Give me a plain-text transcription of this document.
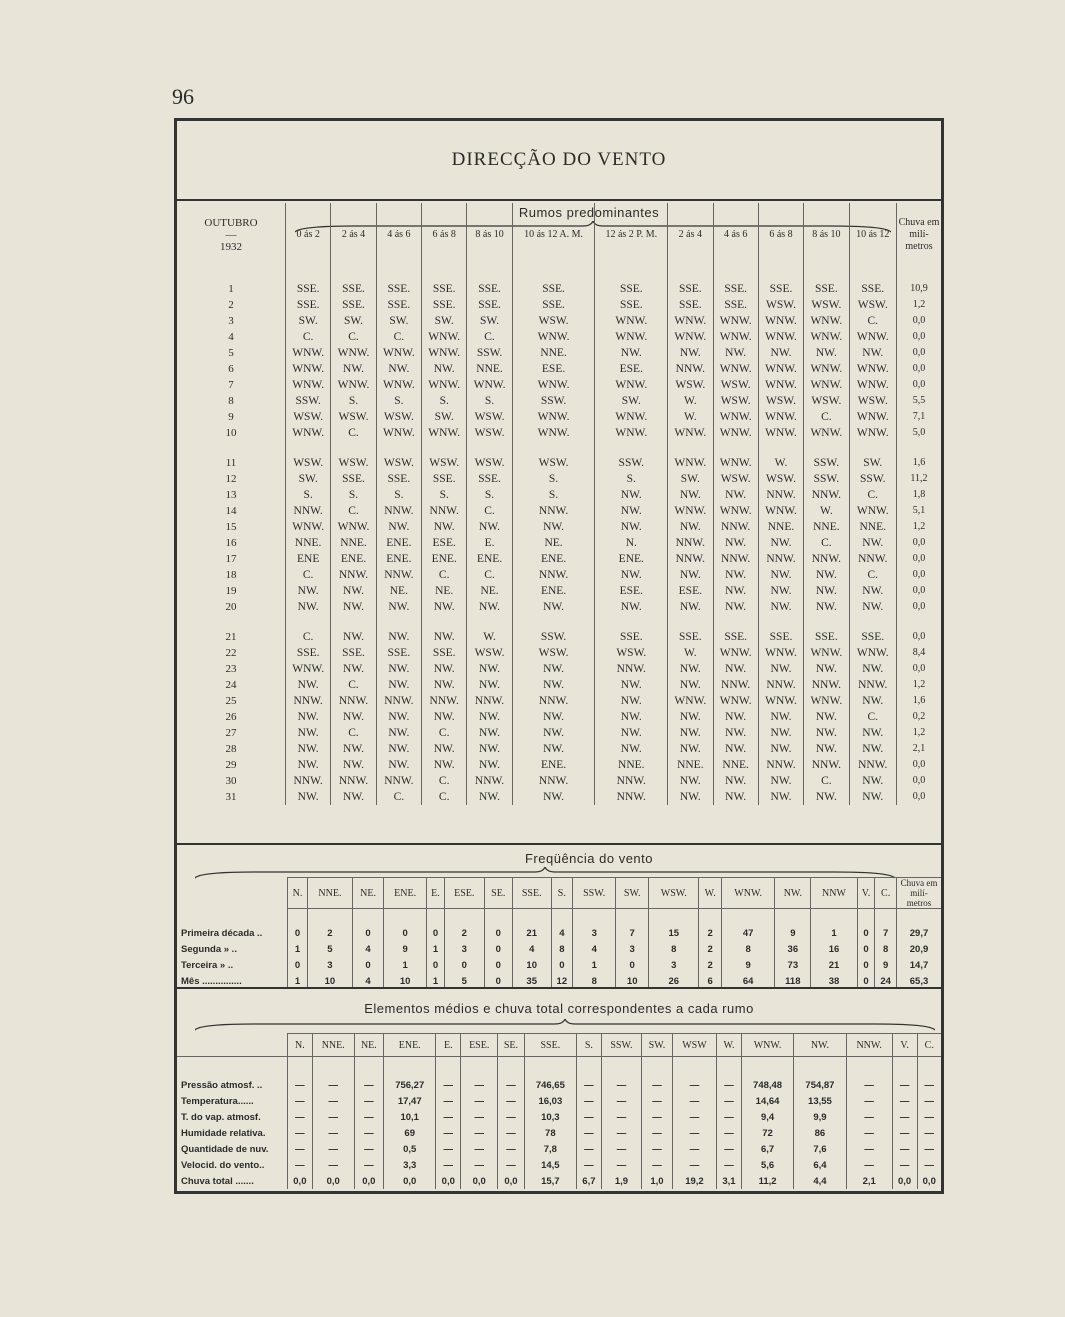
96
DIRECÇÃO DO VENTO
Rumos predominantes
OUTUBRO
—
1932	0 ás 2	2 ás 4	4 ás 6	6 ás 8	8 ás 10	10 ás 12 A. M.	12 ás 2 P. M.	2 ás 4	4 ás 6	6 ás 8	8 ás 10	10 ás 12	Chuva em milí- metros

1	SSE.	SSE.	SSE.	SSE.	SSE.	SSE.	SSE.	SSE.	SSE.	SSE.	SSE.	SSE.	10,9
2	SSE.	SSE.	SSE.	SSE.	SSE.	SSE.	SSE.	SSE.	SSE.	WSW.	WSW.	WSW.	1,2
3	SW.	SW.	SW.	SW.	SW.	WSW.	WNW.	WNW.	WNW.	WNW.	WNW.	C.	0,0
4	C.	C.	C.	WNW.	C.	WNW.	WNW.	WNW.	WNW.	WNW.	WNW.	WNW.	0,0
5	WNW.	WNW.	WNW.	WNW.	SSW.	NNE.	NW.	NW.	NW.	NW.	NW.	NW.	0,0
6	WNW.	NW.	NW.	NW.	NNE.	ESE.	ESE.	NNW.	WNW.	WNW.	WNW.	WNW.	0,0
7	WNW.	WNW.	WNW.	WNW.	WNW.	WNW.	WNW.	WSW.	WSW.	WNW.	WNW.	WNW.	0,0
8	SSW.	S.	S.	S.	S.	SSW.	SW.	W.	WSW.	WSW.	WSW.	WSW.	5,5
9	WSW.	WSW.	WSW.	SW.	WSW.	WNW.	WNW.	W.	WNW.	WNW.	C.	WNW.	7,1
10	WNW.	C.	WNW.	WNW.	WSW.	WNW.	WNW.	WNW.	WNW.	WNW.	WNW.	WNW.	5,0

11	WSW.	WSW.	WSW.	WSW.	WSW.	WSW.	SSW.	WNW.	WNW.	W.	SSW.	SW.	1,6
12	SW.	SSE.	SSE.	SSE.	SSE.	S.	S.	SW.	WSW.	WSW.	SSW.	SSW.	11,2
13	S.	S.	S.	S.	S.	S.	NW.	NW.	NW.	NNW.	NNW.	C.	1,8
14	NNW.	C.	NNW.	NNW.	C.	NNW.	NW.	WNW.	WNW.	WNW.	W.	WNW.	5,1
15	WNW.	WNW.	NW.	NW.	NW.	NW.	NW.	NW.	NNW.	NNE.	NNE.	NNE.	1,2
16	NNE.	NNE.	ENE.	ESE.	E.	NE.	N.	NNW.	NW.	NW.	C.	NW.	0,0
17	ENE	ENE.	ENE.	ENE.	ENE.	ENE.	ENE.	NNW.	NNW.	NNW.	NNW.	NNW.	0,0
18	C.	NNW.	NNW.	C.	C.	NNW.	NW.	NW.	NW.	NW.	NW.	C.	0,0
19	NW.	NW.	NE.	NE.	NE.	ENE.	ESE.	ESE.	NW.	NW.	NW.	NW.	0,0
20	NW.	NW.	NW.	NW.	NW.	NW.	NW.	NW.	NW.	NW.	NW.	NW.	0,0

21	C.	NW.	NW.	NW.	W.	SSW.	SSE.	SSE.	SSE.	SSE.	SSE.	SSE.	0,0
22	SSE.	SSE.	SSE.	SSE.	WSW.	WSW.	WSW.	W.	WNW.	WNW.	WNW.	WNW.	8,4
23	WNW.	NW.	NW.	NW.	NW.	NW.	NNW.	NW.	NW.	NW.	NW.	NW.	0,0
24	NW.	C.	NW.	NW.	NW.	NW.	NW.	NW.	NNW.	NNW.	NNW.	NNW.	1,2
25	NNW.	NNW.	NNW.	NNW.	NNW.	NNW.	NW.	WNW.	WNW.	WNW.	WNW.	NW.	1,6
26	NW.	NW.	NW.	NW.	NW.	NW.	NW.	NW.	NW.	NW.	NW.	C.	0,2
27	NW.	C.	NW.	C.	NW.	NW.	NW.	NW.	NW.	NW.	NW.	NW.	1,2
28	NW.	NW.	NW.	NW.	NW.	NW.	NW.	NW.	NW.	NW.	NW.	NW.	2,1
29	NW.	NW.	NW.	NW.	NW.	ENE.	NNE.	NNE.	NNE.	NNW.	NNW.	NNW.	0,0
30	NNW.	NNW.	NNW.	C.	NNW.	NNW.	NNW.	NW.	NW.	NW.	C.	NW.	0,0
31	NW.	NW.	C.	C.	NW.	NW.	NNW.	NW.	NW.	NW.	NW.	NW.	0,0
Freqüência do vento
	N.	NNE.	NE.	ENE.	E.	ESE.	SE.	SSE.	S.	SSW.	SW.	WSW.	W.	WNW.	NW.	NNW	V.	C.	Chuva em milí- metros

Primeira década ..	0	2	0	0	0	2	0	21	4	3	7	15	2	47	9	1	0	7	29,7
Segunda » ..	1	5	4	9	1	3	0	4	8	4	3	8	2	8	36	16	0	8	20,9
Terceira » ..	0	3	0	1	0	0	0	10	0	1	0	3	2	9	73	21	0	9	14,7
Mês ...............	1	10	4	10	1	5	0	35	12	8	10	26	6	64	118	38	0	24	65,3
Elementos médios e chuva total correspondentes a cada rumo
	N.	NNE.	NE.	ENE.	E.	ESE.	SE.	SSE.	S.	SSW.	SW.	WSW	W.	WNW.	NW.	NNW.	V.	C.

Pressão atmosf. ..	—	—	—	756,27	—	—	—	746,65	—	—	—	—	—	748,48	754,87	—	—	—
Temperatura......	—	—	—	17,47	—	—	—	16,03	—	—	—	—	—	14,64	13,55	—	—	—
T. do vap. atmosf.	—	—	—	10,1	—	—	—	10,3	—	—	—	—	—	9,4	9,9	—	—	—
Humidade relativa.	—	—	—	69	—	—	—	78	—	—	—	—	—	72	86	—	—	—
Quantidade de nuv.	—	—	—	0,5	—	—	—	7,8	—	—	—	—	—	6,7	7,6	—	—	—
Velocid. do vento..	—	—	—	3,3	—	—	—	14,5	—	—	—	—	—	5,6	6,4	—	—	—
Chuva total .......	0,0	0,0	0,0	0,0	0,0	0,0	0,0	15,7	6,7	1,9	1,0	19,2	3,1	11,2	4,4	2,1	0,0	0,0
